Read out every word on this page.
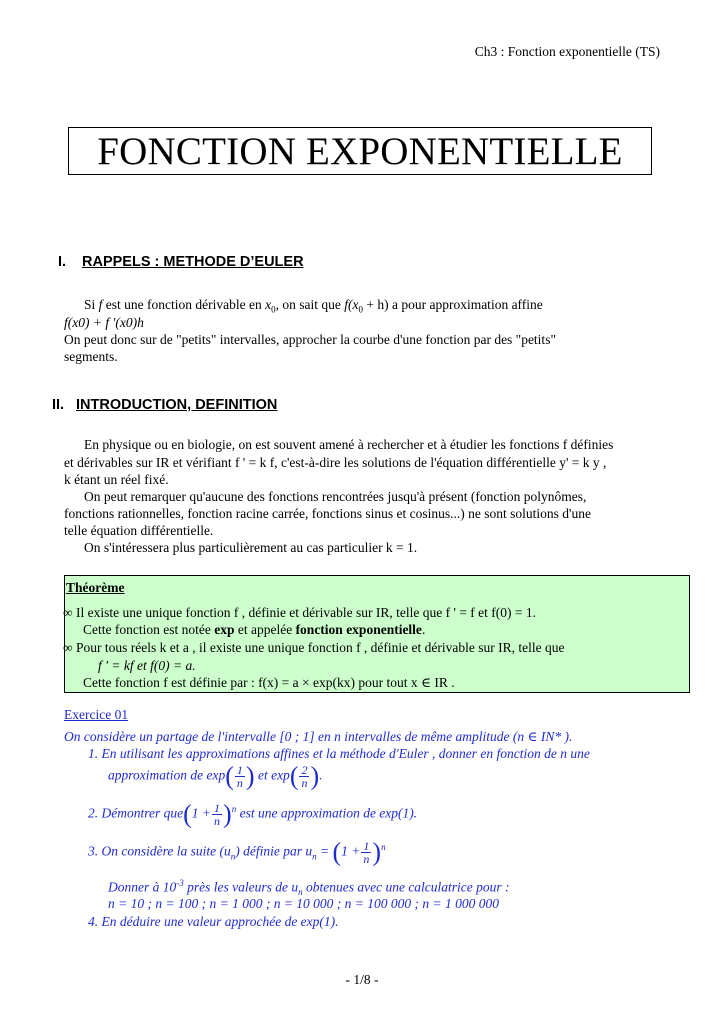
Ch3 : Fonction exponentielle (TS)
FONCTION EXPONENTIELLE
I. RAPPELS : METHODE D’EULER
Si f est une fonction dérivable en $x_0$, on sait que $f(x_0 + h)$ a pour approximation affine
f(x0) + f '(x0)h
On peut donc sur de "petits" intervalles, approcher la courbe d'une fonction par des "petits"
segments.
II. INTRODUCTION, DEFINITION
En physique ou en biologie, on est souvent amené à rechercher et à étudier les fonctions f définies
et dérivables sur IR et vérifiant f ' = k f, c'est-à-dire les solutions de l'équation différentielle y' = k y ,
k étant un réel fixé.
On peut remarquer qu'aucune des fonctions rencontrées jusqu'à présent (fonction polynômes,
fonctions rationnelles, fonction racine carrée, fonctions sinus et cosinus...) ne sont solutions d'une
telle équation différentielle.
On s'intéressera plus particulièrement au cas particulier k = 1.
Théorème
∞ Il existe une unique fonction f , définie et dérivable sur IR, telle que f ' = f et f(0) = 1.
Cette fonction est notée exp et appelée fonction exponentielle.
∞ Pour tous réels k et a , il existe une unique fonction f , définie et dérivable sur IR, telle que
f ' = kf et f(0) = a.
Cette fonction f est définie par : f(x) = a × exp(kx) pour tout x ∈ IR .
Exercice 01
On considère un partage de l'intervalle [0 ; 1] en n intervalles de même amplitude (n ∈ IN* ).
1. En utilisant les approximations affines et la méthode d'Euler , donner en fonction de n une
approximation de $\exp( \frac{1}{n}$ ) et $\exp( \frac{2}{n}$ ).
2. Démontrer $que(1 + \frac{1}{n} )^n$ est une approximation de exp(1).
3. On considère la suite $(u_n)$ définie par $u_n = (1 + \frac{1}{n} )^n$
Donner à $10^{-3}$ près les valeurs de $u_n$ obtenues avec une calculatrice pour :
n = 10 ; n = 100 ; n = 1 000 ; n = 10 000 ; n = 100 000 ; n = 1 000 000
4. En déduire une valeur approchée de exp(1).
- 1/8 -
